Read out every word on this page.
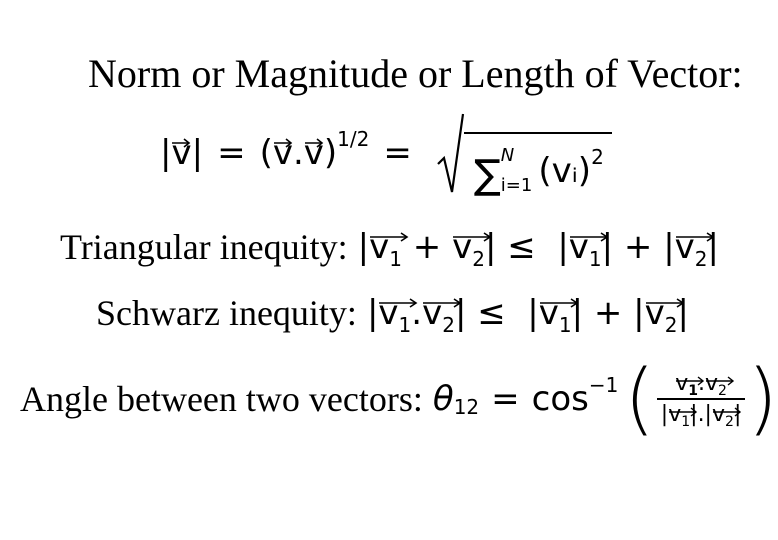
Norm or Magnitude or Length of Vector:
|v
| = (v
.v
) 1/2 = ∑ N
i=1 (vᵢ) 2
Triangular inequity: |v
$_1$ + v
$_2$| ≤  |v
$_1$| + |v
$_2$|
Schwarz inequity: |v
$_1$.v
$_2$| ≤  |v
$_1$| + |v
$_2$|
Angle between two vectors: θ 12 = cos −1 ( v
$_1$.v
$_2$
|v
$_1$|.|v
$_2$| )
